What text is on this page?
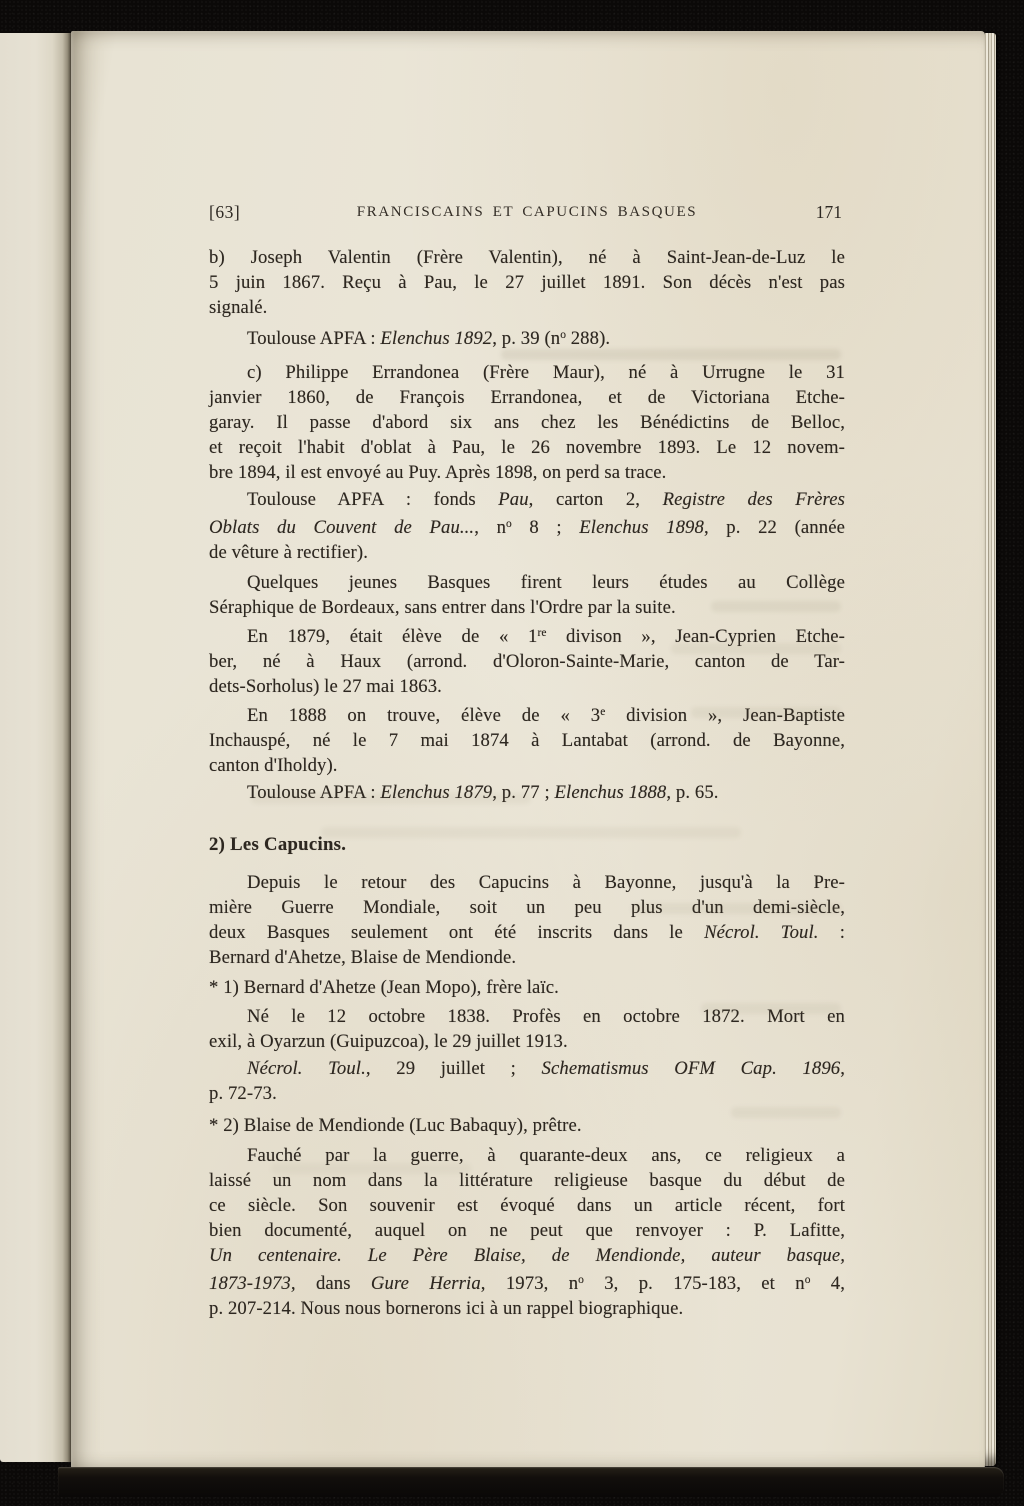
[63]	FRANCISCAINS ET CAPUCINS BASQUES	171
b) Joseph Valentin (Frère Valentin), né à Saint-Jean-de-Luz le
5 juin 1867. Reçu à Pau, le 27 juillet 1891. Son décès n'est pas
signalé.
Toulouse APFA : Elenchus 1892, p. 39 ($n^o$ 288).
c) Philippe Errandonea (Frère Maur), né à Urrugne le 31
janvier 1860, de François Errandonea, et de Victoriana Etche-
garay. Il passe d'abord six ans chez les Bénédictins de Belloc,
et reçoit l'habit d'oblat à Pau, le 26 novembre 1893. Le 12 novem-
bre 1894, il est envoyé au Puy. Après 1898, on perd sa trace.
Toulouse APFA : fonds Pau, carton 2, Registre des Frères
Oblats du Couvent de Pau..., $n^o$ 8 ; Elenchus 1898, p. 22 (année
de vêture à rectifier).
Quelques jeunes Basques firent leurs études au Collège
Séraphique de Bordeaux, sans entrer dans l'Ordre par la suite.
En 1879, était élève de « 1re divison », Jean-Cyprien Etche-
ber, né à Haux (arrond. d'Oloron-Sainte-Marie, canton de Tar-
dets-Sorholus) le 27 mai 1863.
En 1888 on trouve, élève de « 3e division », Jean-Baptiste
Inchauspé, né le 7 mai 1874 à Lantabat (arrond. de Bayonne,
canton d'Iholdy).
Toulouse APFA : Elenchus 1879, p. 77 ; Elenchus 1888, p. 65.
2) Les Capucins.
Depuis le retour des Capucins à Bayonne, jusqu'à la Pre-
mière Guerre Mondiale, soit un peu plus d'un demi-siècle,
deux Basques seulement ont été inscrits dans le Nécrol. Toul. :
Bernard d'Ahetze, Blaise de Mendionde.
* 1) Bernard d'Ahetze (Jean Mopo), frère laïc.
Né le 12 octobre 1838. Profès en octobre 1872. Mort en
exil, à Oyarzun (Guipuzcoa), le 29 juillet 1913.
Nécrol. Toul., 29 juillet ; Schematismus OFM Cap. 1896,
p. 72-73.
* 2) Blaise de Mendionde (Luc Babaquy), prêtre.
Fauché par la guerre, à quarante-deux ans, ce religieux a
laissé un nom dans la littérature religieuse basque du début de
ce siècle. Son souvenir est évoqué dans un article récent, fort
bien documenté, auquel on ne peut que renvoyer : P. Lafitte,
Un centenaire. Le Père Blaise, de Mendionde, auteur basque,
1873-1973, dans Gure Herria, 1973, $n^o$ 3, p. 175-183, et $n^o$ 4,
p. 207-214. Nous nous bornerons ici à un rappel biographique.
